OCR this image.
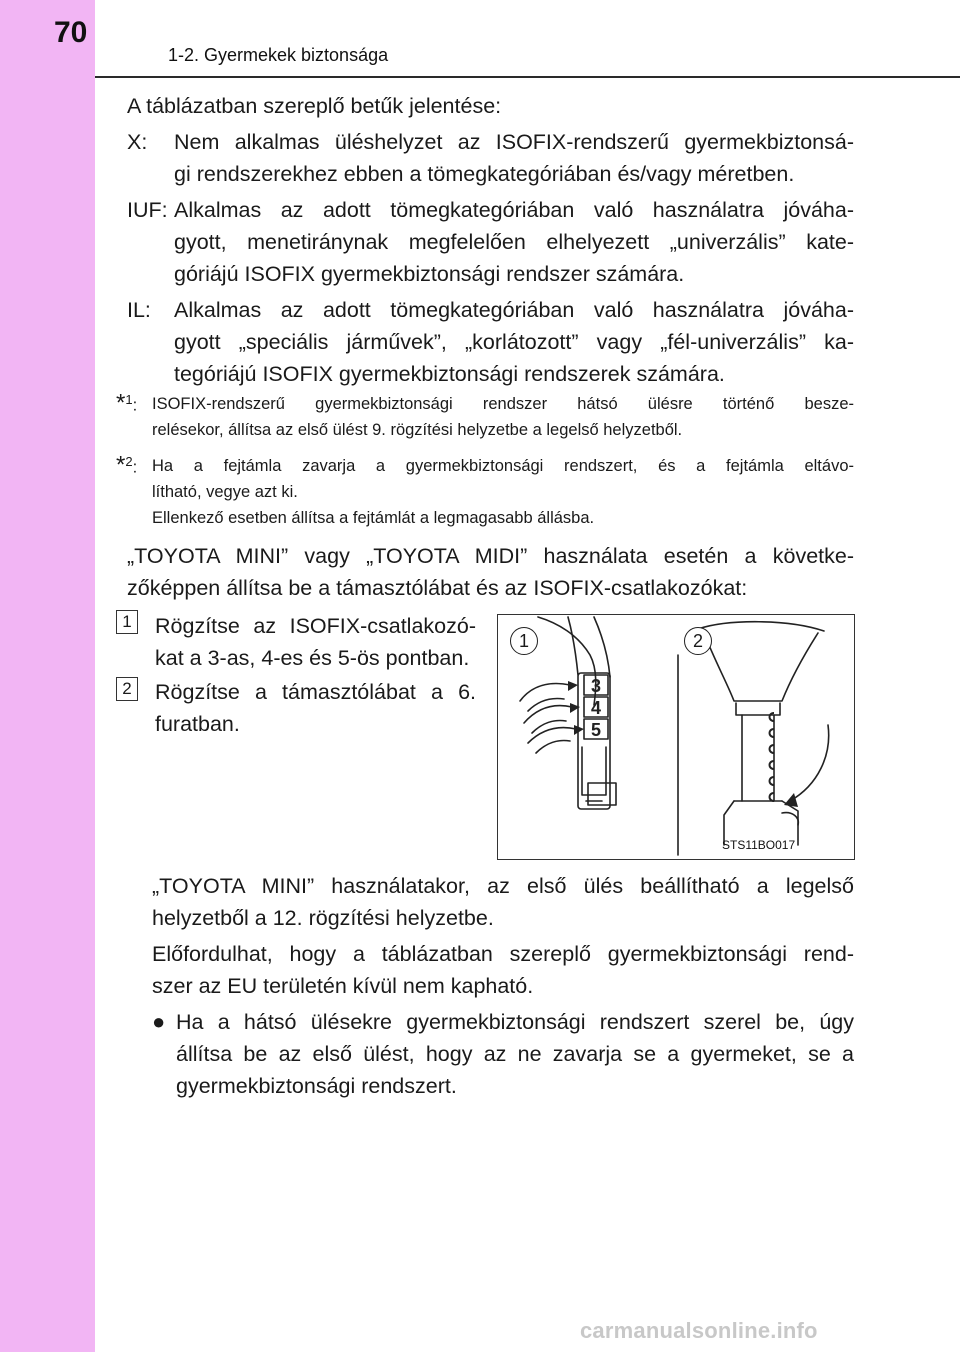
70
1-2. Gyermekek biztonsága
A táblázatban szereplő betűk jelentése:
X: Nem alkalmas üléshelyzet az ISOFIX-rendszerű gyermekbiztonsá-
gi rendszerekhez ebben a tömegkategóriában és/vagy méretben.
IUF: Alkalmas az adott tömegkategóriában való használatra jóváha-
gyott, menetiránynak megfelelően elhelyezett „univerzális” kate-
góriájú ISOFIX gyermekbiztonsági rendszer számára.
IL: Alkalmas az adott tömegkategóriában való használatra jóváha-
gyott „speciális járművek”, „korlátozott” vagy „fél-univerzális” ka-
tegóriájú ISOFIX gyermekbiztonsági rendszerek számára.
*$^1$: ISOFIX-rendszerű gyermekbiztonsági rendszer hátsó ülésre történő besze-
relésekor, állítsa az első ülést 9. rögzítési helyzetbe a legelső helyzetből.
*$^2$: Ha a fejtámla zavarja a gyermekbiztonsági rendszert, és a fejtámla eltávo-
lítható, vegye azt ki.
Ellenkező esetben állítsa a fejtámlát a legmagasabb állásba.
„TOYOTA MINI” vagy „TOYOTA MIDI” használata esetén a követke-
zőképpen állítsa be a támasztólábat és az ISOFIX-csatlakozókat:
1 Rögzítse az ISOFIX-csatlakozó-
kat a 3-as, 4-es és 5-ös pontban.
2 Rögzítse a támasztólábat a 6.
furatban.
3
4
5
1	2
STS11BO017
„TOYOTA MINI” használatakor, az első ülés beállítható a legelső
helyzetből a 12. rögzítési helyzetbe.
Előfordulhat, hogy a táblázatban szereplő gyermekbiztonsági rend-
szer az EU területén kívül nem kapható.
● Ha a hátsó ülésekre gyermekbiztonsági rendszert szerel be, úgy
állítsa be az első ülést, hogy az ne zavarja se a gyermeket, se a
gyermekbiztonsági rendszert.
carmanualsonline.info
